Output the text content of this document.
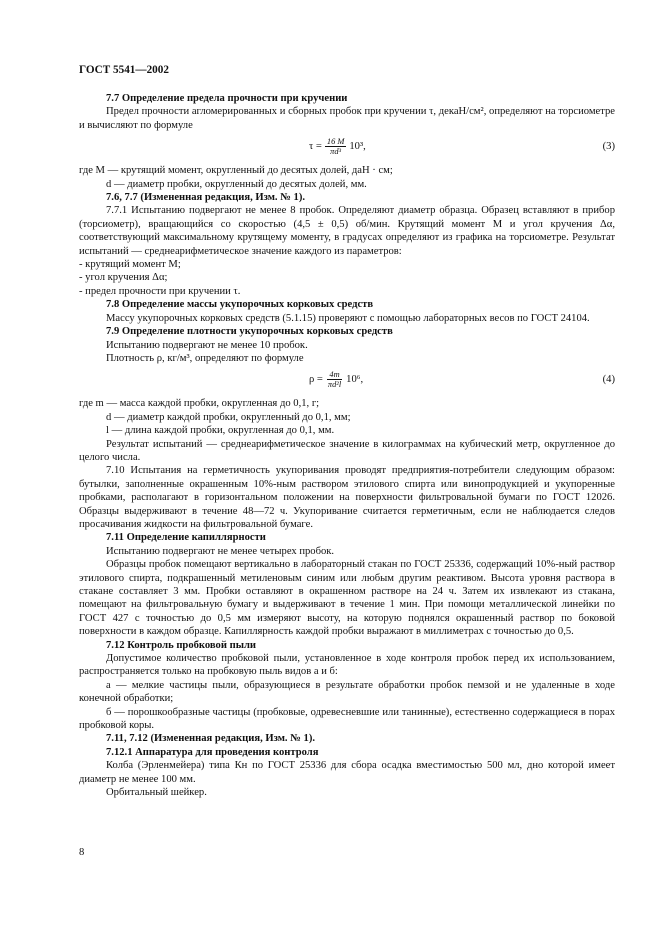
ГОСТ 5541—2002

7.7 Определение предела прочности при кручении

Предел прочности агломерированных и сборных пробок при кручении τ, декаН/см², определяют на торсиометре и вычисляют по формуле

$\tau = \frac{16 M}{\text{πd³}} 10^3$,	(3)

где M — крутящий момент, округленный до десятых долей, даН · см;

d — диаметр пробки, округленный до десятых долей, мм.

7.6, 7.7 (Измененная редакция, Изм. № 1).

7.7.1 Испытанию подвергают не менее 8 пробок. Определяют диаметр образца. Образец вставляют в прибор (торсиометр), вращающийся со скоростью (4,5 ± 0,5) об/мин. Крутящий момент M и угол кручения Δα, соответствующий максимальному крутящему моменту, в градусах определяют из графика на торсиометре. Результат испытаний — среднеарифметическое значение каждого из параметров:

- крутящий момент M;

- угол кручения Δα;

- предел прочности при кручении τ.

7.8 Определение массы укупорочных корковых средств

Массу укупорочных корковых средств (5.1.15) проверяют с помощью лабораторных весов по ГОСТ 24104.

7.9 Определение плотности укупорочных корковых средств

Испытанию подвергают не менее 10 пробок.

Плотность ρ, кг/м³, определяют по формуле

$\rho = \frac{4m}{\text{πd²l}} 10^6$,	(4)

где m — масса каждой пробки, округленная до 0,1, г;

d — диаметр каждой пробки, округленный до 0,1, мм;

l — длина каждой пробки, округленная до 0,1, мм.

Результат испытаний — среднеарифметическое значение в килограммах на кубический метр, округленное до целого числа.

7.10 Испытания на герметичность укупоривания проводят предприятия-потребители следующим образом: бутылки, заполненные окрашенным 10%-ным раствором этилового спирта или винопродукцией и укупоренные пробками, располагают в горизонтальном положении на поверхности фильтровальной бумаги по ГОСТ 12026. Образцы выдерживают в течение 48—72 ч. Укупоривание считается герметичным, если не наблюдается следов просачивания жидкости на фильтровальной бумаге.

7.11 Определение капиллярности

Испытанию подвергают не менее четырех пробок.

Образцы пробок помещают вертикально в лабораторный стакан по ГОСТ 25336, содержащий 10%-ный раствор этилового спирта, подкрашенный метиленовым синим или любым другим реактивом. Высота уровня раствора в стакане составляет 3 мм. Пробки оставляют в окрашенном растворе на 24 ч. Затем их извлекают из стакана, помещают на фильтровальную бумагу и выдерживают в течение 1 мин. При помощи металлической линейки по ГОСТ 427 с точностью до 0,5 мм измеряют высоту, на которую поднялся окрашенный раствор по боковой поверхности в каждом образце. Капиллярность каждой пробки выражают в миллиметрах с точностью до 0,5.

7.12 Контроль пробковой пыли

Допустимое количество пробковой пыли, установленное в ходе контроля пробок перед их использованием, распространяется только на пробковую пыль видов а и б:

а — мелкие частицы пыли, образующиеся в результате обработки пробок пемзой и не удаленные в ходе конечной обработки;

б — порошкообразные частицы (пробковые, одревесневшие или танинные), естественно содержащиеся в порах пробковой коры.

7.11, 7.12 (Измененная редакция, Изм. № 1).

7.12.1 Аппаратура для проведения контроля

Колба (Эрленмейера) типа Кн по ГОСТ 25336 для сбора осадка вместимостью 500 мл, дно которой имеет диаметр не менее 100 мм.

Орбитальный шейкер.

8
